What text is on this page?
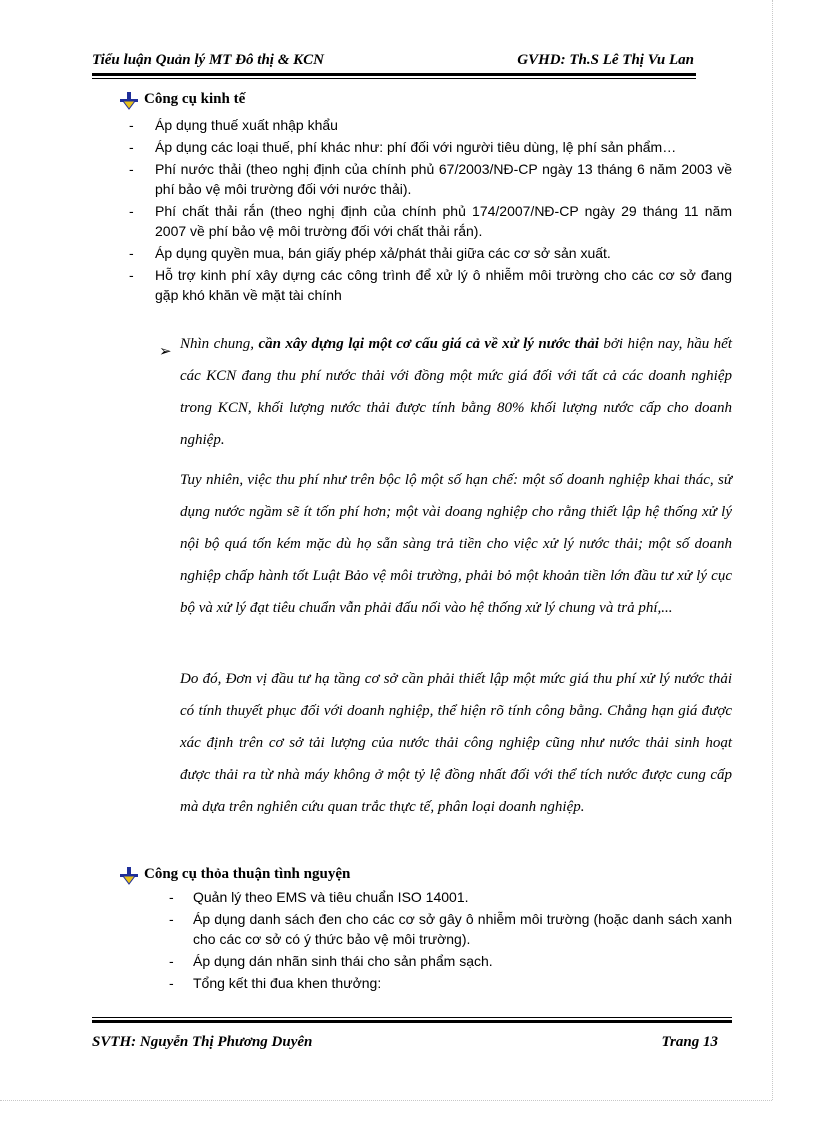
Tiểu luận Quản lý MT Đô thị & KCN	GVHD: Th.S Lê Thị Vu Lan
Công cụ kinh tế
- Áp dụng thuế xuất nhập khẩu
- Áp dụng các loại thuế, phí khác như: phí đối với người tiêu dùng, lệ phí sản phẩm…
- Phí nước thải (theo nghị định của chính phủ 67/2003/NĐ-CP ngày 13 tháng 6 năm 2003 về phí bảo vệ môi trường đối với nước thải).
- Phí chất thải rắn (theo nghị định của chính phủ 174/2007/NĐ-CP ngày 29 tháng 11 năm 2007 về phí bảo vệ môi trường đối với chất thải rắn).
- Áp dụng quyền mua, bán giấy phép xả/phát thải giữa các cơ sở sản xuất.
- Hỗ trợ kinh phí xây dựng các công trình để xử lý ô nhiễm môi trường cho các cơ sở đang gặp khó khăn về mặt tài chính
➢ Nhìn chung, cần xây dựng lại một cơ cấu giá cả về xử lý nước thải bởi hiện nay, hầu hết các KCN đang thu phí nước thải với đồng một mức giá đối với tất cả các doanh nghiệp trong KCN, khối lượng nước thải được tính bằng 80% khối lượng nước cấp cho doanh nghiệp.

Tuy nhiên, việc thu phí như trên bộc lộ một số hạn chế: một số doanh nghiệp khai thác, sử dụng nước ngầm sẽ ít tốn phí hơn; một vài doang nghiệp cho rằng thiết lập hệ thống xử lý nội bộ quá tốn kém mặc dù họ sẵn sàng trả tiền cho việc xử lý nước thải; một số doanh nghiệp chấp hành tốt Luật Bảo vệ môi trường, phải bỏ một khoản tiền lớn đầu tư xử lý cục bộ và xử lý đạt tiêu chuẩn vẫn phải đấu nối vào hệ thống xử lý chung và trả phí,...

Do đó, Đơn vị đầu tư hạ tầng cơ sở cần phải thiết lập một mức giá thu phí xử lý nước thải có tính thuyết phục đối với doanh nghiệp, thể hiện rõ tính công bằng. Chẳng hạn giá được xác định trên cơ sở tải lượng của nước thải công nghiệp cũng như nước thải sinh hoạt được thải ra từ nhà máy không ở một tỷ lệ đồng nhất đối với thể tích nước được cung cấp mà dựa trên nghiên cứu quan trắc thực tế, phân loại doanh nghiệp.

Công cụ thỏa thuận tình nguyện
- Quản lý theo EMS và tiêu chuẩn ISO 14001.
- Áp dụng danh sách đen cho các cơ sở gây ô nhiễm môi trường (hoặc danh sách xanh cho các cơ sở có ý thức bảo vệ môi trường).
- Áp dụng dán nhãn sinh thái cho sản phẩm sạch.
- Tổng kết thi đua khen thưởng:
SVTH: Nguyễn Thị Phương Duyên	Trang 13
